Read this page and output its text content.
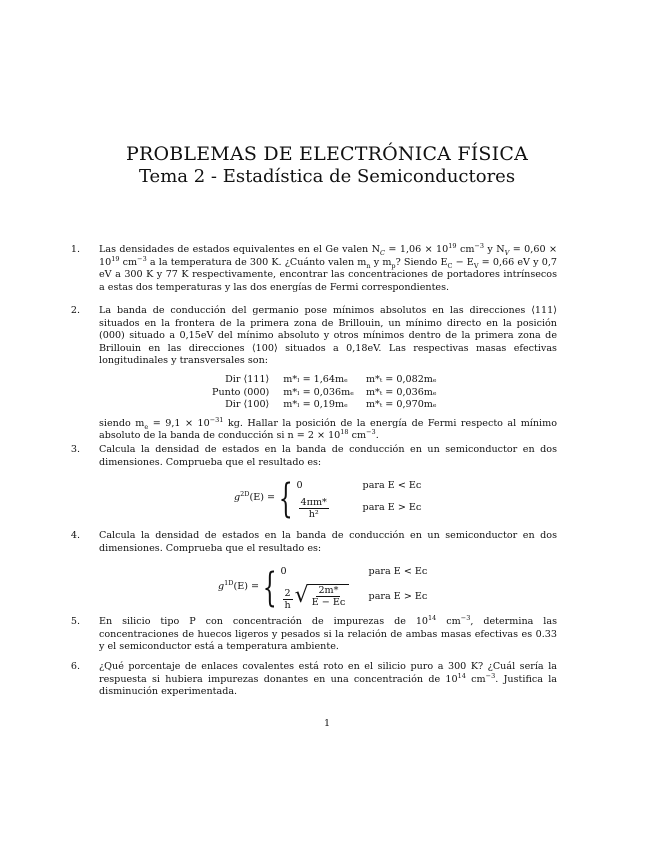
PROBLEMAS DE ELECTRÓNICA FÍSICA
Tema 2 - Estadística de Semiconductores
1. Las densidades de estados equivalentes en el Ge valen $N_C = 1,06 \times 10^{19}$ $cm^{-3}$ y $N_V = 0,60 \times 10^{19}$ $cm^{-3}$ a la temperatura de 300 K. ¿Cuánto valen $m_n$ y $m_p$? Siendo $E_C - E_V = 0,66$ eV y 0,7 eV a 300 K y 77 K respectivamente, encontrar las concentraciones de portadores intrínsecos a estas dos temperaturas y las dos energías de Fermi correspondientes.

2. La banda de conducción del germanio pose mínimos absolutos en las direcciones ⟨111⟩ situados en la frontera de la primera zona de Brillouin, un mínimo directo en la posición (000) situado a 0,15eV del mínimo absoluto y otros mínimos dentro de la primera zona de Brillouin en las direcciones ⟨100⟩ situados a 0,18eV. Las respectivas masas efectivas longitudinales y transversales son:

Dir ⟨111⟩	m*ₗ = 1,64mₑ	m*ₜ = 0,082mₑ
Punto (000)	m*ₗ = 0,036mₑ	m*ₜ = 0,036mₑ
Dir ⟨100⟩	m*ₗ = 0,19mₑ	m*ₜ = 0,970mₑ

siendo $m_e = 9,1 \times 10^{-31}$ kg. Hallar la posición de la energía de Fermi respecto al mínimo absoluto de la banda de conducción si $n = 2 \times 10^{18}$ $cm^{-3}$.

3. Calcula la densidad de estados en la banda de conducción en un semiconductor en dos dimensiones. Comprueba que el resultado es:

$g^{2D}(E)$ = { 0	para E < Eᴄ
$\frac{4\pi m*}{\text{h²}}$	para E > Eᴄ
4. Calcula la densidad de estados en la banda de conducción en un semiconductor en dos dimensiones. Comprueba que el resultado es:

$g^{1D}(E)$ = { 0	para E < Eᴄ
$\frac{2}{h}$ √ $\frac{2m*}{\text{E − Eᴄ}}$ para E > Eᴄ
5. En silicio tipo P con concentración de impurezas de $10^{14}$ $cm^{-3}$, determina las concentraciones de huecos ligeros y pesados si la relación de ambas masas efectivas es 0.33 y el semiconductor está a temperatura ambiente.

6. ¿Qué porcentaje de enlaces covalentes está roto en el silicio puro a 300 K? ¿Cuál sería la respuesta si hubiera impurezas donantes en una concentración de $10^{14}$ $cm^{-3}$. Justifica la disminución experimentada.

1
